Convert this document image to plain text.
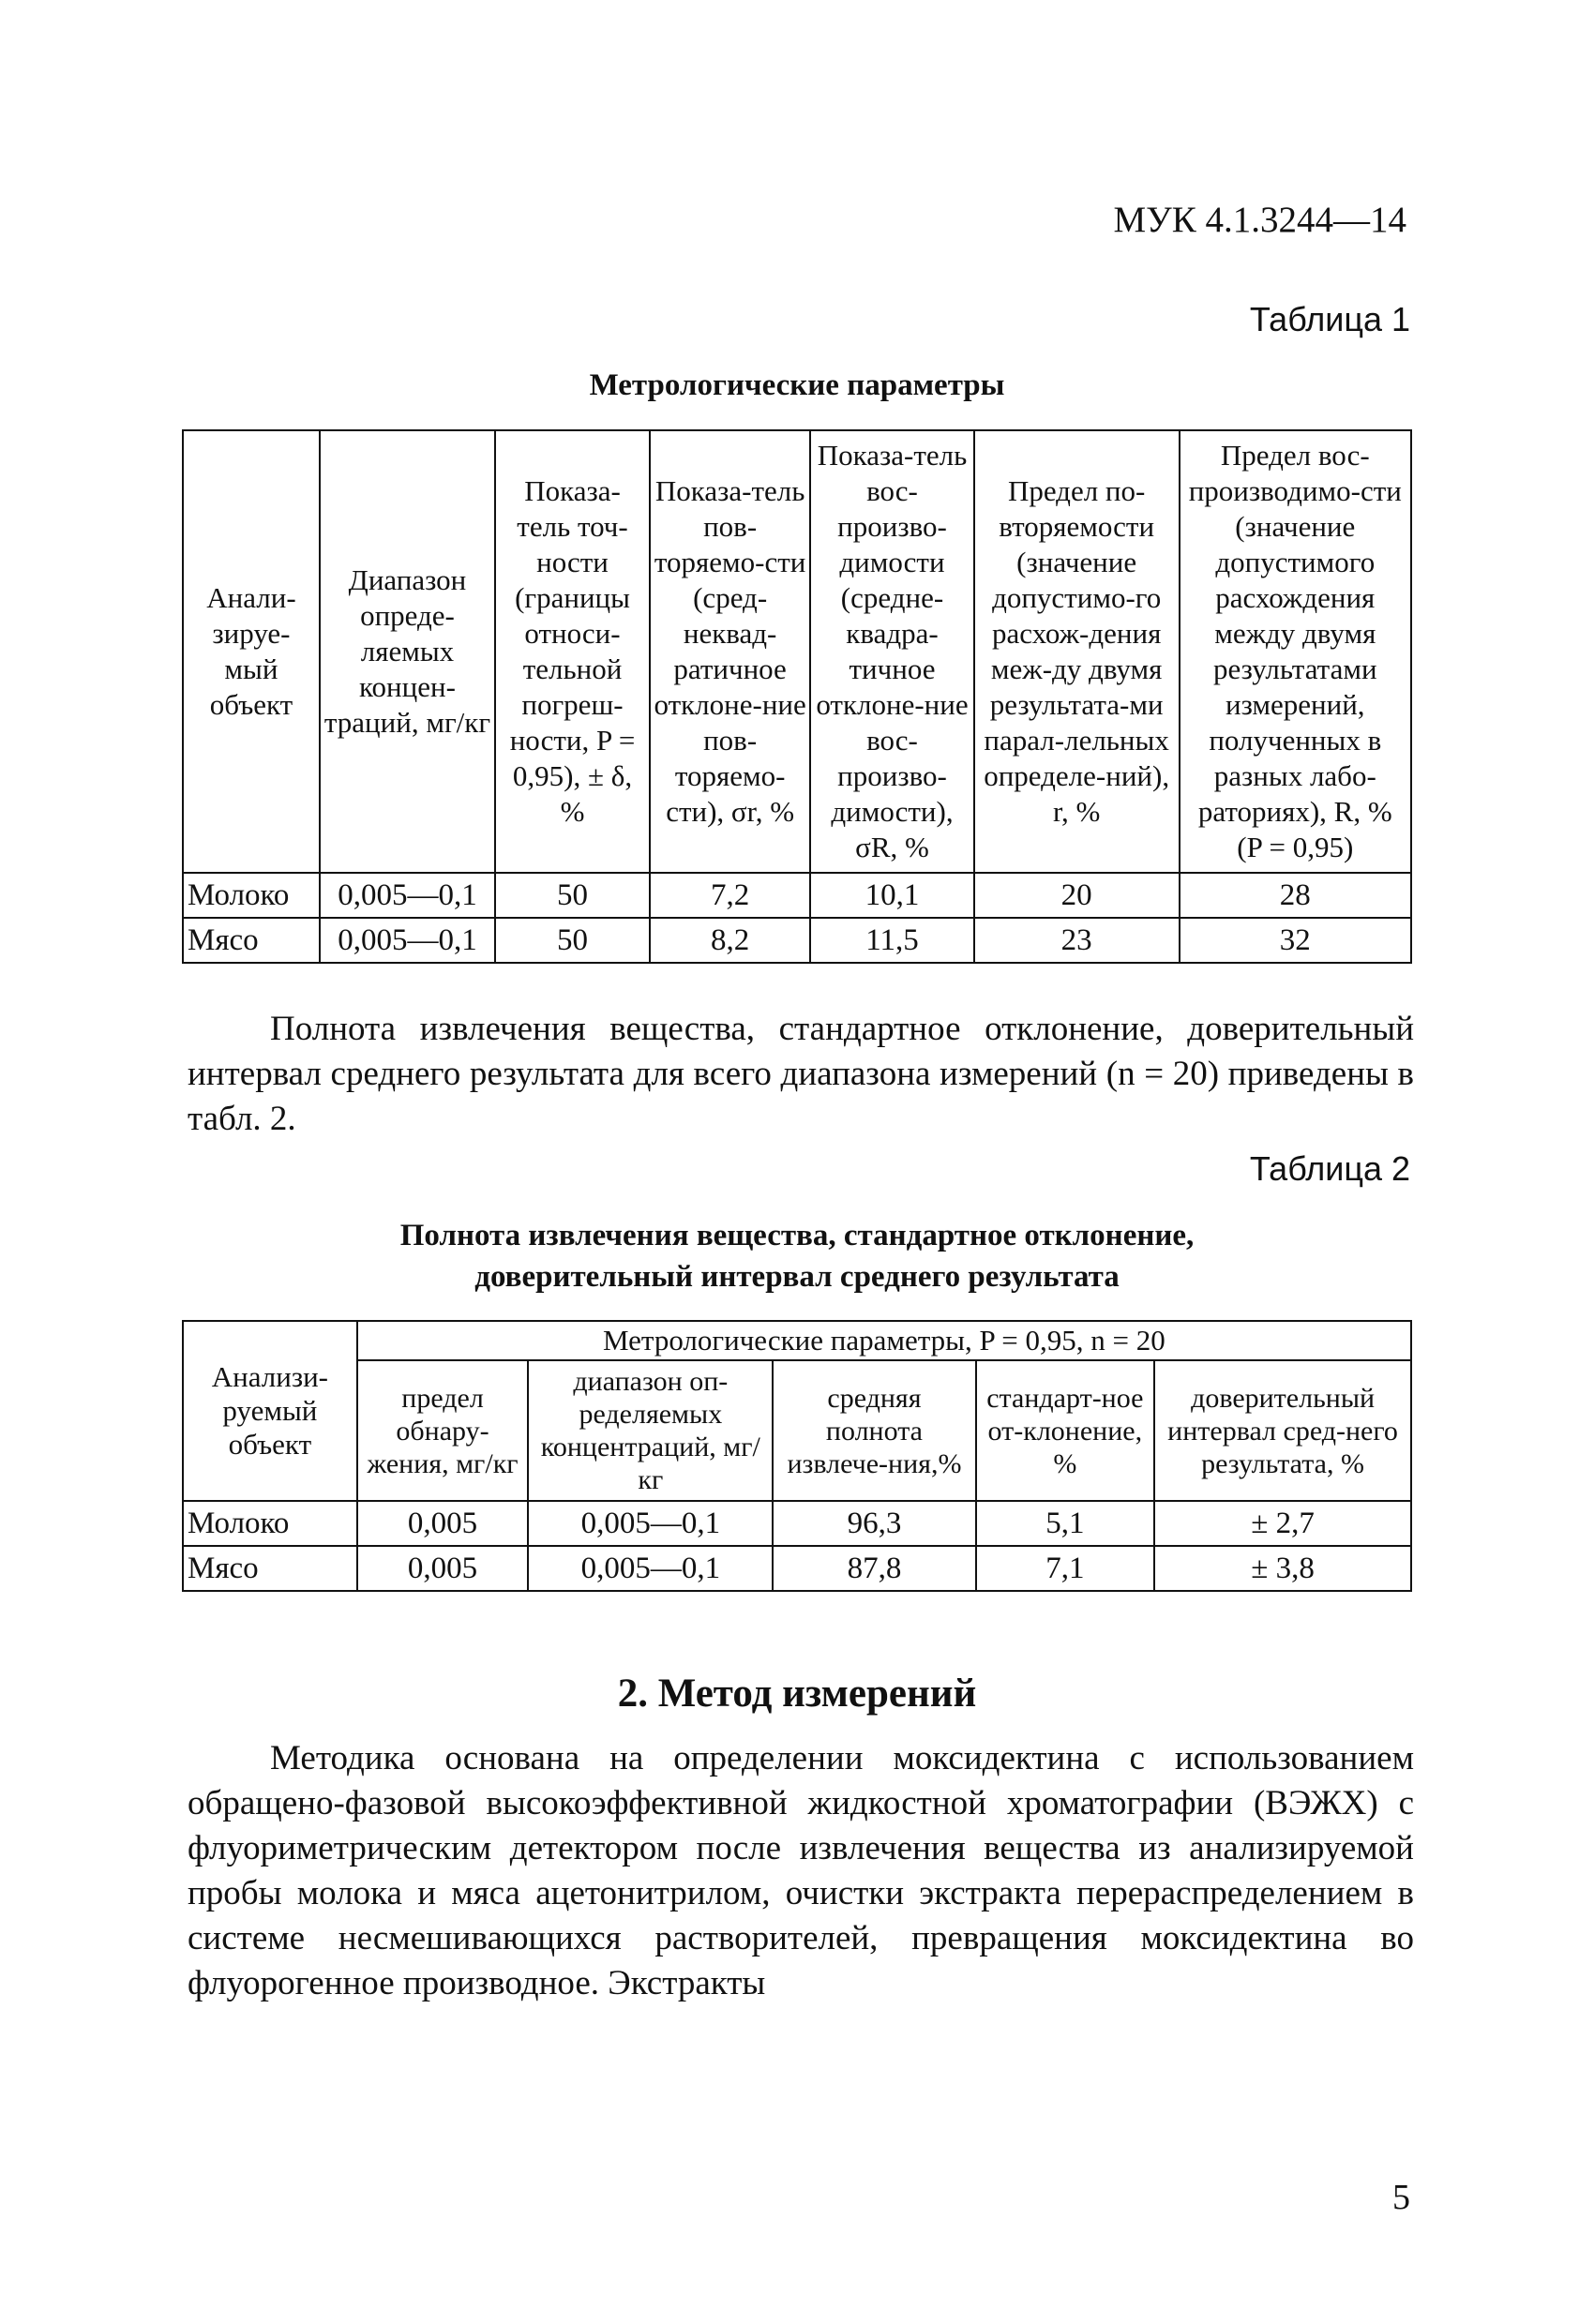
МУК 4.1.3244—14
Таблица 1
Метрологические параметры
Анали-зируе-мый объект	Диапазон опреде-ляемых концен-траций, мг/кг	Показа-тель точ-ности (границы относи-тельной погреш-ности, P = 0,95), ± δ, %	Показа-тель пов-торяемо-сти (сред-неквад-ратичное отклоне-ние пов-торяемо-сти), σr, %	Показа-тель вос-произво-димости (средне-квадра-тичное отклоне-ние вос-произво-димости), σR, %	Предел по-вторяемости (значение допустимо-го расхож-дения меж-ду двумя результата-ми парал-лельных определе-ний), r, %	Предел вос-производимо-сти (значение допустимого расхождения между двумя результатами измерений, полученных в разных лабо-раториях), R, % (P = 0,95)
Молоко	0,005—0,1	50	7,2	10,1	20	28
Мясо	0,005—0,1	50	8,2	11,5	23	32
Полнота извлечения вещества, стандартное отклонение, доверительный интервал среднего результата для всего диапазона измерений (n = 20) приведены в табл. 2.
Таблица 2
Полнота извлечения вещества, стандартное отклонение,
доверительный интервал среднего результата
Анализи-руемый объект	Метрологические параметры, P = 0,95, n = 20				
	предел обнару-жения, мг/кг	диапазон оп-ределяемых концентраций, мг/кг	средняя полнота извлече-ния,%	стандарт-ное от-клонение, %	доверительный интервал сред-него результата, %
Молоко	0,005	0,005—0,1	96,3	5,1	± 2,7
Мясо	0,005	0,005—0,1	87,8	7,1	± 3,8
2. Метод измерений
Методика основана на определении моксидектина с использованием обращено-фазовой высокоэффективной жидкостной хроматографии (ВЭЖХ) с флуориметрическим детектором после извлечения вещества из анализируемой пробы молока и мяса ацетонитрилом, очистки экстракта перераспределением в системе несмешивающихся растворителей, превращения моксидектина во флуорогенное производное. Экстракты
5
